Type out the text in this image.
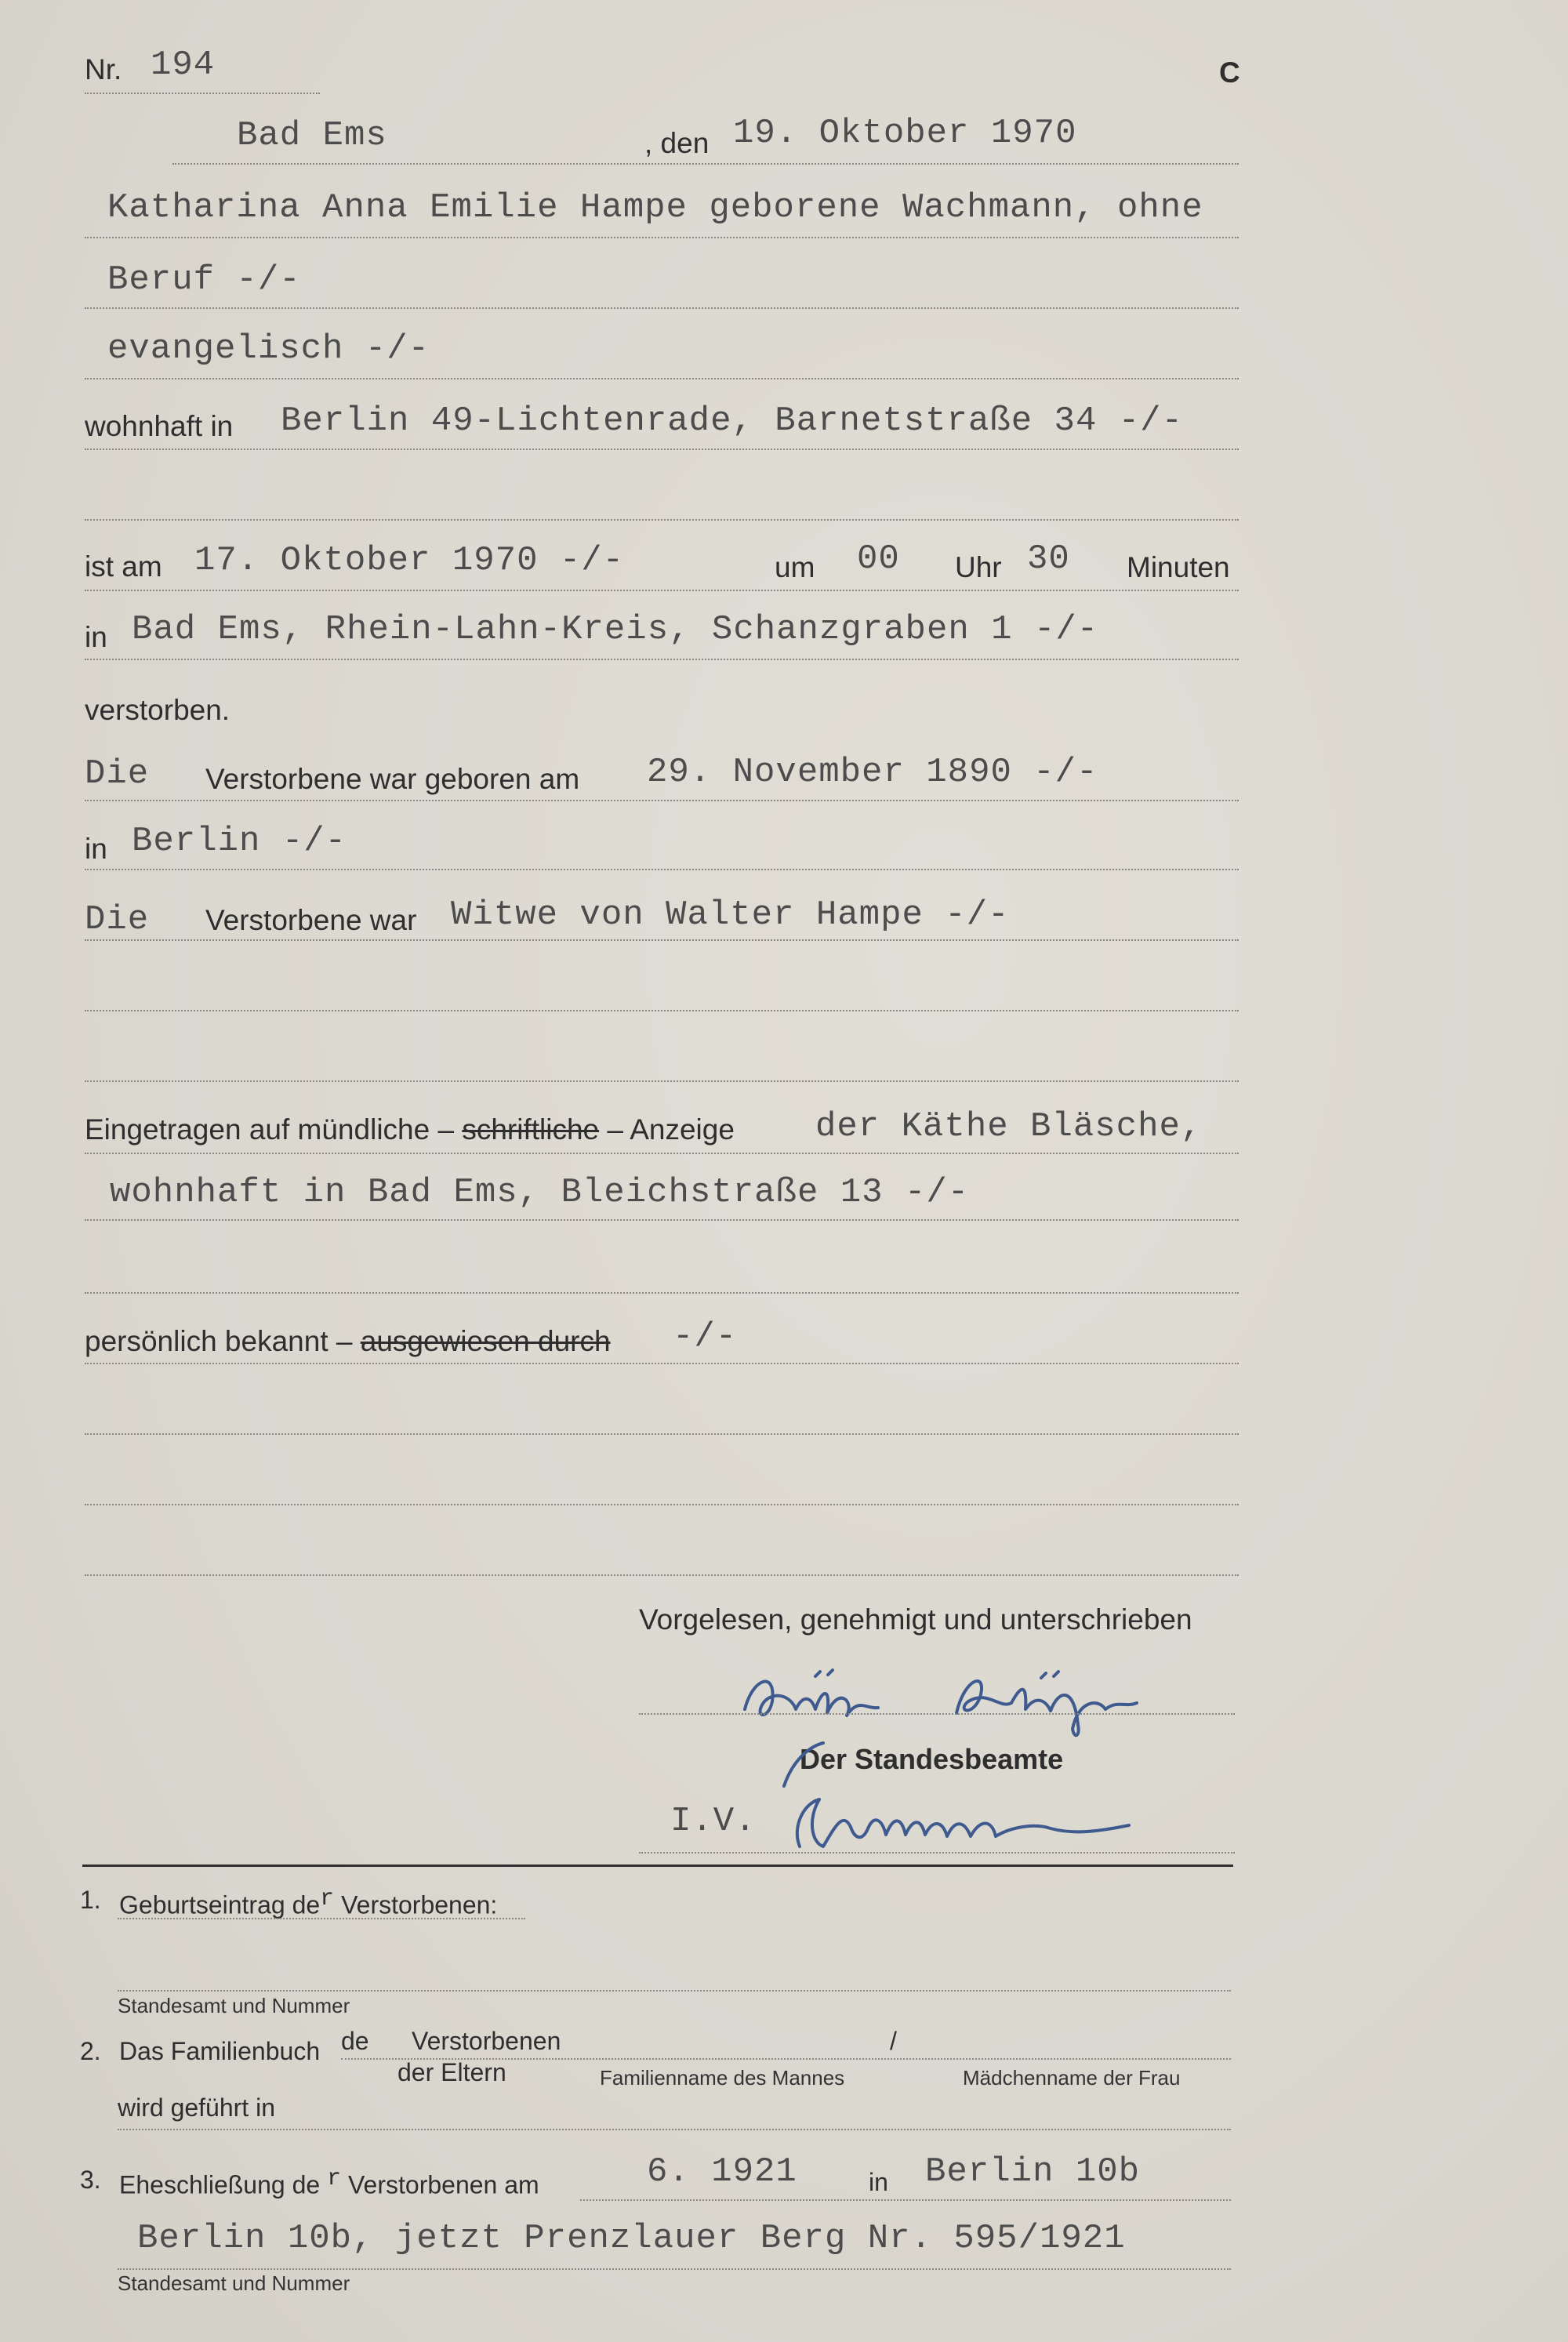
Nr. 194	C
Bad Ems	, den 19. Oktober 1970
Katharina Anna Emilie Hampe geborene Wachmann, ohne
Beruf -/-
evangelisch -/-
wohnhaft in Berlin 49-Lichtenrade, Barnetstraße 34 -/-
ist am 17. Oktober 1970 -/-	um 00 Uhr 30 Minuten
in Bad Ems, Rhein-Lahn-Kreis, Schanzgraben 1 -/-
verstorben.
Die Verstorbene war geboren am 29. November 1890 -/-
in Berlin -/-
Die Verstorbene war Witwe von Walter Hampe -/-
Eingetragen auf mündliche – schriftliche – Anzeige der Käthe Bläsche,
wohnhaft in Bad Ems, Bleichstraße 13 -/-
persönlich bekannt – ausgewiesen durch -/-
Vorgelesen, genehmigt und unterschrieben
Der Standesbeamte
I.V.
1. Geburtseintrag $de^r$ Verstorbenen:
Standesamt und Nummer
2. Das Familienbuch de Verstorbenen	/
der Eltern	Familienname des Mannes	Mädchenname der Frau
wird geführt in
3. Eheschließung de $^r$ Verstorbenen am	6. 1921	in Berlin 10b
Berlin 10b, jetzt Prenzlauer Berg Nr. 595/1921
Standesamt und Nummer
